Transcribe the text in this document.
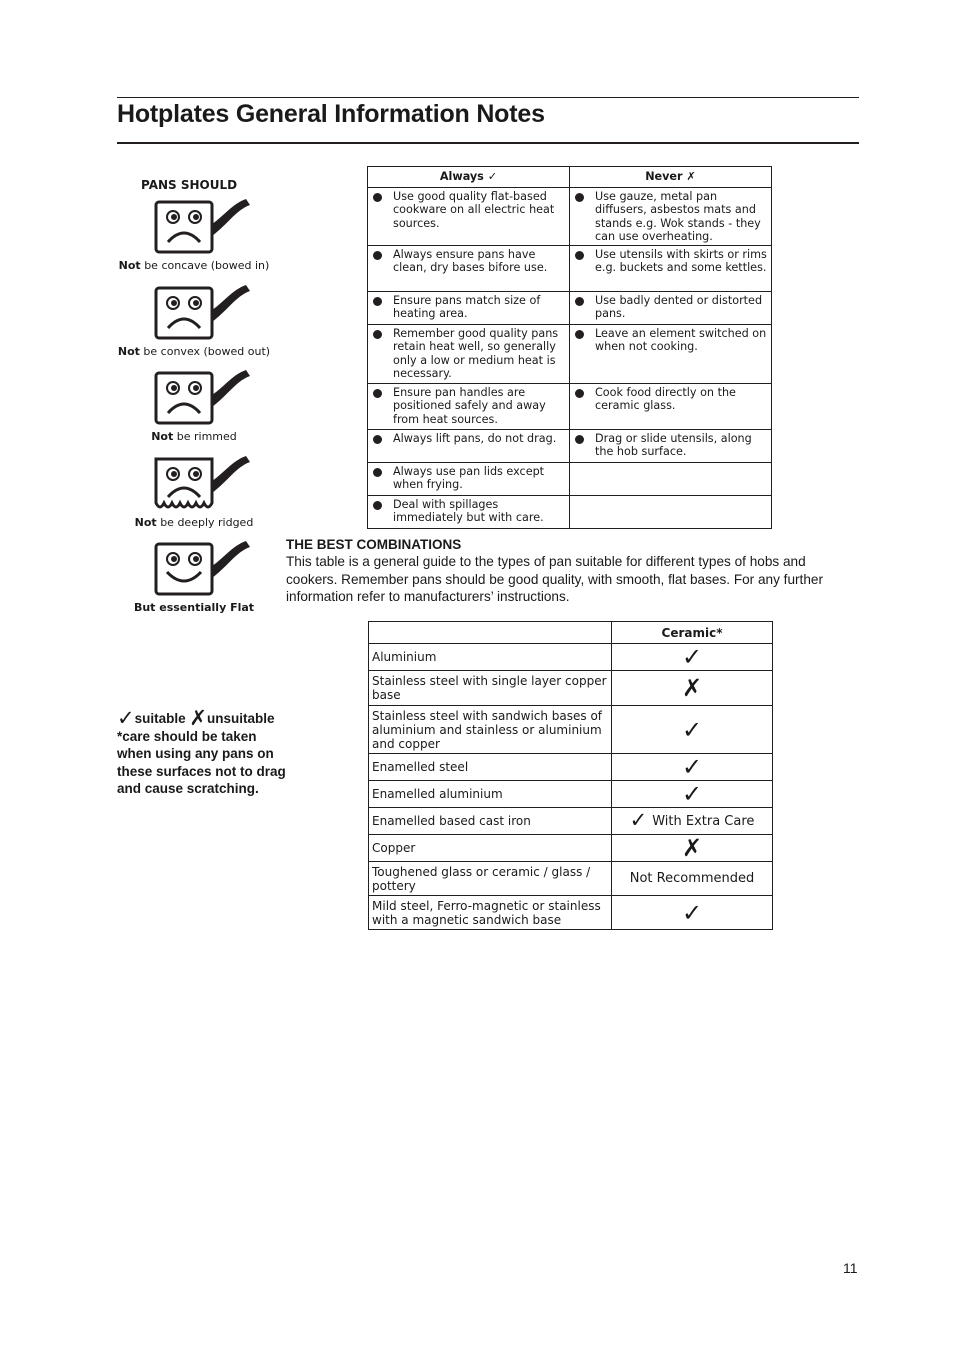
Hotplates General Information Notes
PANS SHOULD
Not be concave (bowed in)
Not be convex (bowed out)
Not be rimmed
Not be deeply ridged
But essentially Flat
Always ✓	Never ✗
Use good quality flat-based cookware on all electric heat sources.	Use gauze, metal pan diffusers, asbestos mats and stands e.g. Wok stands - they can use overheating.
Always ensure pans have clean, dry bases bifore use.	Use utensils with skirts or rims e.g. buckets and some kettles.
Ensure pans match size of heating area.	Use badly dented or distorted pans.
Remember good quality pans retain heat well, so generally only a low or medium heat is necessary.	Leave an element switched on when not cooking.
Ensure pan handles are positioned safely and away from heat sources.	Cook food directly on the ceramic glass.
Always lift pans, do not drag.	Drag or slide utensils, along the hob surface.
Always use pan lids except when frying.	
Deal with spillages immediately but with care.	
THE BEST COMBINATIONS

This table is a general guide to the types of pan suitable for different types of hobs and cookers. Remember pans should be good quality, with smooth, flat bases. For any further information refer to manufacturers’ instructions.

✓suitable ✗unsuitable
*care should be taken when using any pans on these surfaces not to drag and cause scratching.
	Ceramic*
Aluminium	✓
Stainless steel with single layer copper base	✗
Stainless steel with sandwich bases of aluminium and stainless or aluminium and copper	✓
Enamelled steel	✓
Enamelled aluminium	✓
Enamelled based cast iron	✓ With Extra Care
Copper	✗
Toughened glass or ceramic / glass / pottery	Not Recommended
Mild steel, Ferro-magnetic or stainless with a magnetic sandwich base	✓
11
